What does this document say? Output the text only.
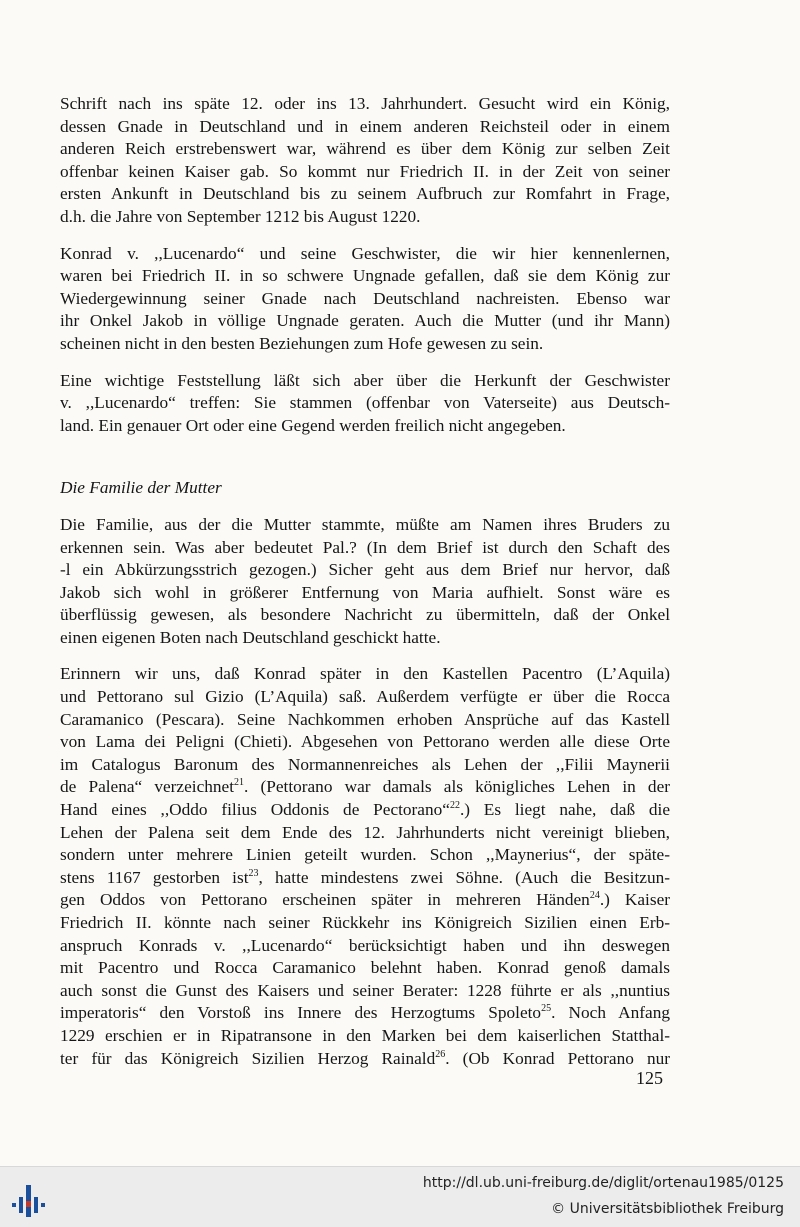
Schrift nach ins späte 12. oder ins 13. Jahrhundert. Gesucht wird ein König,
dessen Gnade in Deutschland und in einem anderen Reichsteil oder in einem
anderen Reich erstrebenswert war, während es über dem König zur selben Zeit
offenbar keinen Kaiser gab. So kommt nur Friedrich II. in der Zeit von seiner
ersten Ankunft in Deutschland bis zu seinem Aufbruch zur Romfahrt in Frage,
d.h. die Jahre von September 1212 bis August 1220.
Konrad v. ,,Lucenardo“ und seine Geschwister, die wir hier kennenlernen,
waren bei Friedrich II. in so schwere Ungnade gefallen, daß sie dem König zur
Wiedergewinnung seiner Gnade nach Deutschland nachreisten. Ebenso war
ihr Onkel Jakob in völlige Ungnade geraten. Auch die Mutter (und ihr Mann)
scheinen nicht in den besten Beziehungen zum Hofe gewesen zu sein.
Eine wichtige Feststellung läßt sich aber über die Herkunft der Geschwister
v. ,,Lucenardo“ treffen: Sie stammen (offenbar von Vaterseite) aus Deutsch-
land. Ein genauer Ort oder eine Gegend werden freilich nicht angegeben.
Die Familie der Mutter
Die Familie, aus der die Mutter stammte, müßte am Namen ihres Bruders zu
erkennen sein. Was aber bedeutet Pal.? (In dem Brief ist durch den Schaft des
-l ein Abkürzungsstrich gezogen.) Sicher geht aus dem Brief nur hervor, daß
Jakob sich wohl in größerer Entfernung von Maria aufhielt. Sonst wäre es
überflüssig gewesen, als besondere Nachricht zu übermitteln, daß der Onkel
einen eigenen Boten nach Deutschland geschickt hatte.
Erinnern wir uns, daß Konrad später in den Kastellen Pacentro (L’Aquila)
und Pettorano sul Gizio (L’Aquila) saß. Außerdem verfügte er über die Rocca
Caramanico (Pescara). Seine Nachkommen erhoben Ansprüche auf das Kastell
von Lama dei Peligni (Chieti). Abgesehen von Pettorano werden alle diese Orte
im Catalogus Baronum des Normannenreiches als Lehen der ,,Filii Maynerii
de Palena“ verzeichnet$^{21}$. (Pettorano war damals als königliches Lehen in der
Hand eines ,,Oddo filius Oddonis de Pectorano“$^{22}$.) Es liegt nahe, daß die
Lehen der Palena seit dem Ende des 12. Jahrhunderts nicht vereinigt blieben,
sondern unter mehrere Linien geteilt wurden. Schon ,,Maynerius“, der späte-
stens 1167 gestorben ist$^{23}$, hatte mindestens zwei Söhne. (Auch die Besitzun-
gen Oddos von Pettorano erscheinen später in mehreren Händen$^{24}$.) Kaiser
Friedrich II. könnte nach seiner Rückkehr ins Königreich Sizilien einen Erb-
anspruch Konrads v. ,,Lucenardo“ berücksichtigt haben und ihn deswegen
mit Pacentro und Rocca Caramanico belehnt haben. Konrad genoß damals
auch sonst die Gunst des Kaisers und seiner Berater: 1228 führte er als ,,nuntius
imperatoris“ den Vorstoß ins Innere des Herzogtums Spoleto$^{25}$. Noch Anfang
1229 erschien er in Ripatransone in den Marken bei dem kaiserlichen Statthal-
ter für das Königreich Sizilien Herzog Rainald$^{26}$. (Ob Konrad Pettorano nur
125
http://dl.ub.uni-freiburg.de/diglit/ortenau1985/0125
© Universitätsbibliothek Freiburg
